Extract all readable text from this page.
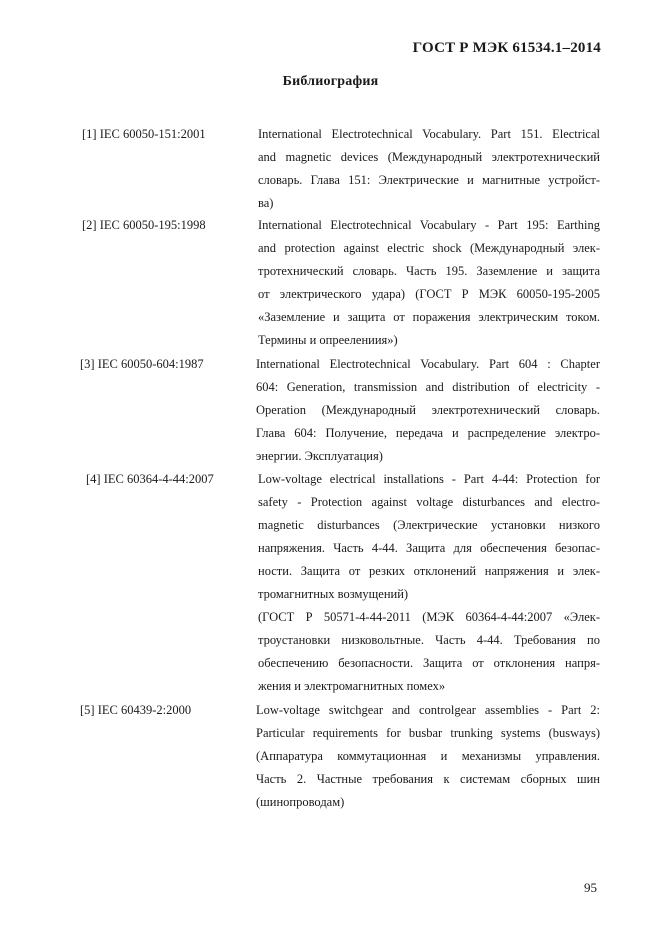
ГОСТ Р МЭК 61534.1–2014
Библиография
[1] IEC 60050-151:2001	International Electrotechnical Vocabulary. Part 151. Electrical
and magnetic devices (Международный электротехнический
словарь. Глава 151: Электрические и магнитные устройст-
ва)
[2] IEC 60050-195:1998	International Electrotechnical Vocabulary - Part 195: Earthing
and protection against electric shock (Международный элек-
тротехнический словарь. Часть 195. Заземление и защита
от электрического удара) (ГОСТ Р МЭК 60050-195-2005
«Заземление и защита от поражения электрическим током.
Термины и опреелениия»)
[3] IEC 60050-604:1987	International Electrotechnical Vocabulary. Part 604 : Chapter
604: Generation, transmission and distribution of electricity -
Operation (Международный электротехнический словарь.
Глава 604: Получение, передача и распределение электро-
энергии. Эксплуатация)
[4] IEC 60364-4-44:2007	Low-voltage electrical installations - Part 4-44: Protection for
safety - Protection against voltage disturbances and electro-
magnetic disturbances (Электрические установки низкого
напряжения. Часть 4-44. Защита для обеспечения безопас-
ности. Защита от резких отклонений напряжения и элек-
тромагнитных возмущений)
(ГОСТ Р 50571-4-44-2011 (МЭК 60364-4-44:2007 «Элек-
троустановки низковольтные. Часть 4-44. Требования по
обеспечению безопасности. Защита от отклонения напря-
жения и электромагнитных помех»
[5] IEC 60439-2:2000	Low-voltage switchgear and controlgear assemblies - Part 2:
Particular requirements for busbar trunking systems (busways)
(Аппаратура коммутационная и механизмы управления.
Часть 2. Частные требования к системам сборных шин
(шинопроводам)
95
